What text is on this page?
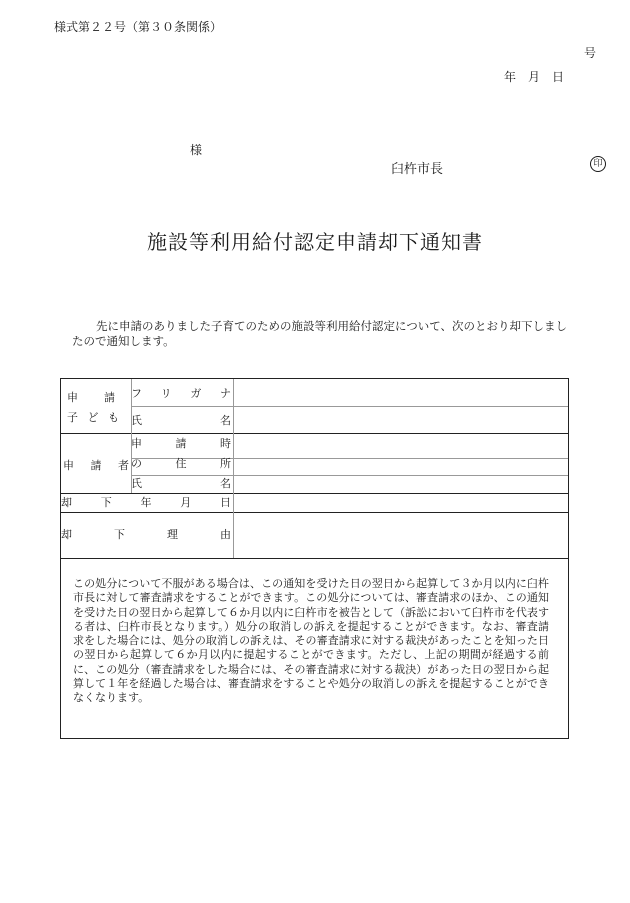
様式第２２号（第３０条関係）
号
年　月　日
様
臼杵市長	印
施設等利用給付認定申請却下通知書
先に申請のありました子育てのための施設等利用給付認定について、次のとおり却下しましたので通知します。
申 請
子 ど も
フ リ ガ ナ
氏	名
申 請 者
申	請	時
の	住	所
氏	名
却	下	年	月	日
却	下	理	由
この処分について不服がある場合は、この通知を受けた日の翌日から起算して３か月以内に臼杵市長に対して審査請求をすることができます。この処分については、審査請求のほか、この通知を受けた日の翌日から起算して６か月以内に臼杵市を被告として（訴訟において臼杵市を代表する者は、臼杵市長となります。）処分の取消しの訴えを提起することができます。なお、審査請求をした場合には、処分の取消しの訴えは、その審査請求に対する裁決があったことを知った日の翌日から起算して６か月以内に提起することができます。ただし、上記の期間が経過する前に、この処分（審査請求をした場合には、その審査請求に対する裁決）があった日の翌日から起算して１年を経過した場合は、審査請求をすることや処分の取消しの訴えを提起することができなくなります。
